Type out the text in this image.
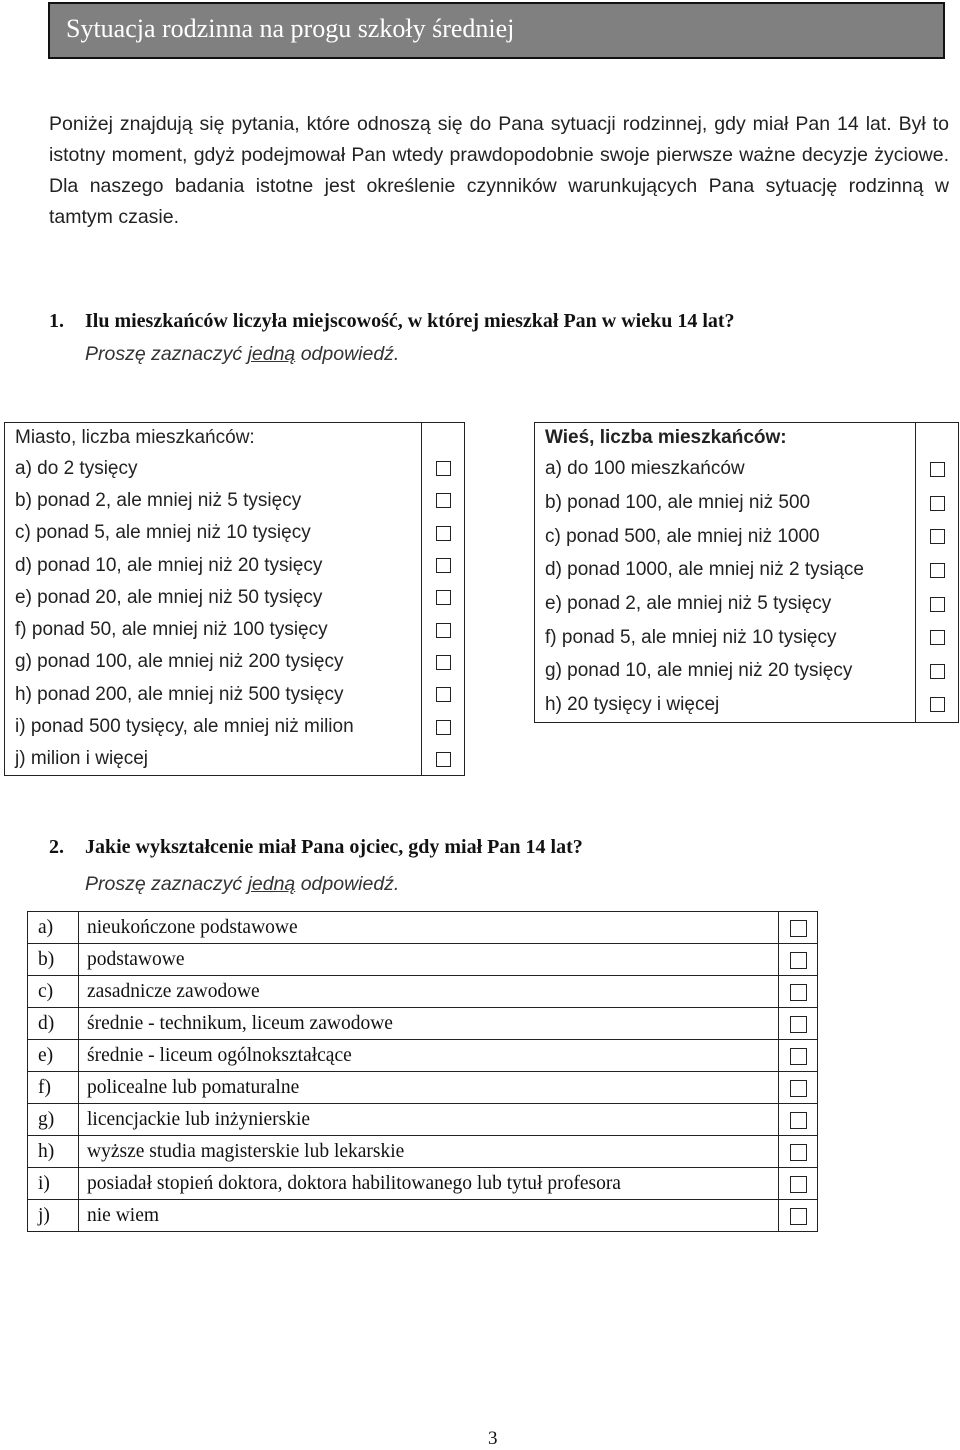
Sytuacja rodzinna na progu szkoły średniej
Poniżej znajdują się pytania, które odnoszą się do Pana sytuacji rodzinnej, gdy miał Pan 14 lat. Był to istotny moment, gdyż podejmował Pan wtedy prawdopodobnie swoje pierwsze ważne decyzje życiowe. Dla naszego badania istotne jest określenie czynników warunkujących Pana sytuację rodzinną w tamtym czasie.
1. Ilu mieszkańców liczyła miejscowość, w której mieszkał Pan w wieku 14 lat?
Proszę zaznaczyć jedną odpowiedź.
Miasto, liczba mieszkańców:	
a) do 2 tysięcy	
b) ponad 2, ale mniej niż 5 tysięcy	
c) ponad 5, ale mniej niż 10 tysięcy	
d) ponad 10, ale mniej niż 20 tysięcy	
e) ponad 20, ale mniej niż 50 tysięcy	
f) ponad 50, ale mniej niż 100 tysięcy	
g) ponad 100, ale mniej niż 200 tysięcy	
h) ponad 200, ale mniej niż 500 tysięcy	
i) ponad 500 tysięcy, ale mniej niż milion	
j) milion i więcej	
Wieś, liczba mieszkańców:	
a) do 100 mieszkańców	
b) ponad 100, ale mniej niż 500	
c) ponad 500, ale mniej niż 1000	
d) ponad 1000, ale mniej niż 2 tysiące	
e) ponad 2, ale mniej niż 5 tysięcy	
f) ponad 5, ale mniej niż 10 tysięcy	
g) ponad 10, ale mniej niż 20 tysięcy	
h) 20 tysięcy i więcej	
2. Jakie wykształcenie miał Pana ojciec, gdy miał Pan 14 lat?
Proszę zaznaczyć jedną odpowiedź.
a)	nieukończone podstawowe	
b)	podstawowe	
c)	zasadnicze zawodowe	
d)	średnie - technikum, liceum zawodowe	
e)	średnie - liceum ogólnokształcące	
f)	policealne lub pomaturalne	
g)	licencjackie lub inżynierskie	
h)	wyższe studia magisterskie lub lekarskie	
i)	posiadał stopień doktora, doktora habilitowanego lub tytuł profesora	
j)	nie wiem	
3
